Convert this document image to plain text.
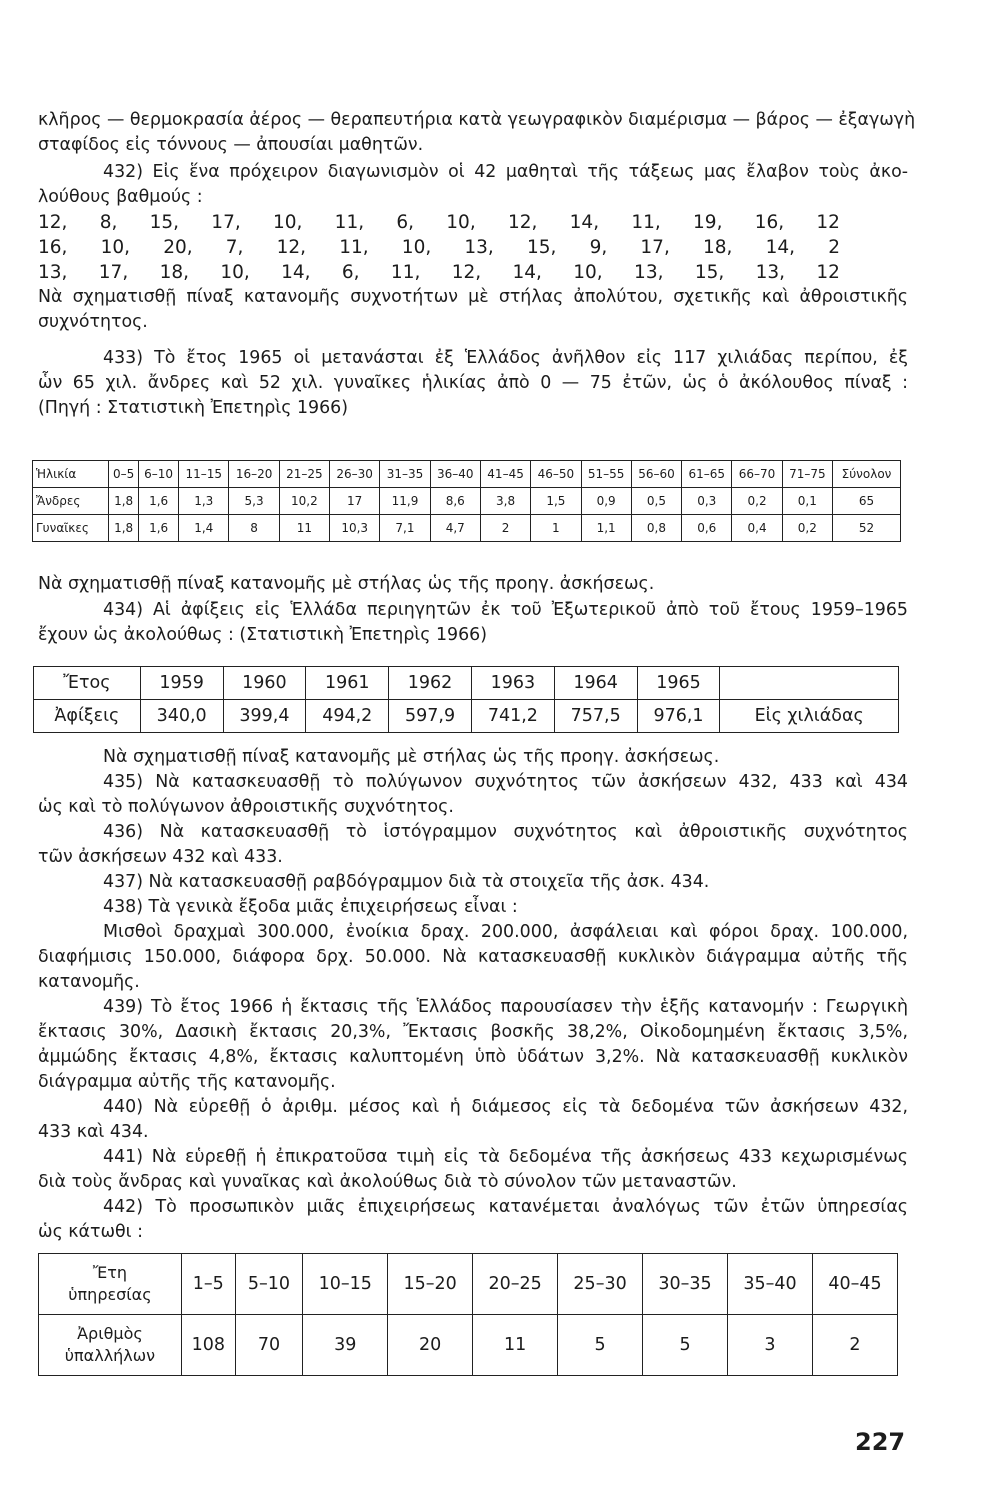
κλῆρος — θερμοκρασία ἀέρος — θεραπευτήρια κατὰ γεωγραφικὸν διαμέρισμα — βάρος — ἐξαγωγὴ

σταφίδος εἰς τόννους — ἀπουσίαι μαθητῶν.

432) Εἰς ἕνα πρόχειρον διαγωνισμὸν οἱ 42 μαθηταὶ τῆς τάξεως μας ἔλαβον τοὺς ἀκο-

λούθους βαθμούς :

12, 8, 15, 17, 10, 11, 6, 10, 12, 14, 11, 19, 16, 12
16, 10, 20, 7, 12, 11, 10, 13, 15, 9, 17, 18, 14, 2
13, 17, 18, 10, 14, 6, 11, 12, 14, 10, 13, 15, 13, 12

Νὰ σχηματισθῇ πίναξ κατανομῆς συχνοτήτων μὲ στήλας ἀπολύτου, σχετικῆς καὶ ἀθροιστικῆς

συχνότητος.

433) Τὸ ἔτος 1965 οἱ μετανάσται ἐξ Ἑλλάδος ἀνῆλθον εἰς 117 χιλιάδας περίπου, ἐξ

ὧν 65 χιλ. ἄνδρες καὶ 52 χιλ. γυναῖκες ἡλικίας ἀπὸ 0 — 75 ἐτῶν, ὡς ὁ ἀκόλουθος πίναξ :

(Πηγή : Στατιστικὴ Ἐπετηρὶς 1966)

Ἡλικία	0–5	6–10	11–15	16–20	21–25	26–30	31–35	36–40	41–45	46–50	51–55	56–60	61–65	66–70	71–75	Σύνολον
Ἄνδρες	1,8	1,6	1,3	5,3	10,2	17	11,9	8,6	3,8	1,5	0,9	0,5	0,3	0,2	0,1	65
Γυναῖκες	1,8	1,6	1,4	8	11	10,3	7,1	4,7	2	1	1,1	0,8	0,6	0,4	0,2	52

Νὰ σχηματισθῇ πίναξ κατανομῆς μὲ στήλας ὡς τῆς προηγ. ἀσκήσεως.

434) Αἱ ἀφίξεις εἰς Ἑλλάδα περιηγητῶν ἐκ τοῦ Ἐξωτερικοῦ ἀπὸ τοῦ ἔτους 1959–1965

ἔχουν ὡς ἀκολούθως : (Στατιστικὴ Ἐπετηρὶς 1966)

Ἔτος	1959	1960	1961	1962	1963	1964	1965	
Ἀφίξεις	340,0	399,4	494,2	597,9	741,2	757,5	976,1	Εἰς χιλιάδας

Νὰ σχηματισθῇ πίναξ κατανομῆς μὲ στήλας ὡς τῆς προηγ. ἀσκήσεως.

435) Νὰ κατασκευασθῇ τὸ πολύγωνον συχνότητος τῶν ἀσκήσεων 432, 433 καὶ 434

ὡς καὶ τὸ πολύγωνον ἀθροιστικῆς συχνότητος.

436) Νὰ κατασκευασθῇ τὸ ἱστόγραμμον συχνότητος καὶ ἀθροιστικῆς συχνότητος

τῶν ἀσκήσεων 432 καὶ 433.

437) Νὰ κατασκευασθῇ ραβδόγραμμον διὰ τὰ στοιχεῖα τῆς ἀσκ. 434.

438) Τὰ γενικὰ ἔξοδα μιᾶς ἐπιχειρήσεως εἶναι :

Μισθοὶ δραχμαὶ 300.000, ἐνοίκια δραχ. 200.000, ἀσφάλειαι καὶ φόροι δραχ. 100.000,

διαφήμισις 150.000, διάφορα δρχ. 50.000. Νὰ κατασκευασθῇ κυκλικὸν διάγραμμα αὐτῆς τῆς

κατανομῆς.

439) Τὸ ἔτος 1966 ἡ ἔκτασις τῆς Ἑλλάδος παρουσίασεν τὴν ἑξῆς κατανομήν : Γεωργικὴ

ἔκτασις 30%, Δασικὴ ἔκτασις 20,3%, Ἔκτασις βοσκῆς 38,2%, Οἰκοδομημένη ἔκτασις 3,5%,

ἀμμώδης ἔκτασις 4,8%, ἔκτασις καλυπτομένη ὑπὸ ὑδάτων 3,2%. Νὰ κατασκευασθῇ κυκλικὸν

διάγραμμα αὐτῆς τῆς κατανομῆς.

440) Νὰ εὑρεθῇ ὁ ἀριθμ. μέσος καὶ ἡ διάμεσος εἰς τὰ δεδομένα τῶν ἀσκήσεων 432,

433 καὶ 434.

441) Νὰ εὑρεθῇ ἡ ἐπικρατοῦσα τιμὴ εἰς τὰ δεδομένα τῆς ἀσκήσεως 433 κεχωρισμένως

διὰ τοὺς ἄνδρας καὶ γυναῖκας καὶ ἀκολούθως διὰ τὸ σύνολον τῶν μεταναστῶν.

442) Τὸ προσωπικὸν μιᾶς ἐπιχειρήσεως κατανέμεται ἀναλόγως τῶν ἐτῶν ὑπηρεσίας

ὡς κάτωθι :

Ἔτη
ὑπηρεσίας	1–5	5–10	10–15	15–20	20–25	25–30	30–35	35–40	40–45
Ἀριθμὸς
ὑπαλλήλων	108	70	39	20	11	5	5	3	2
227
